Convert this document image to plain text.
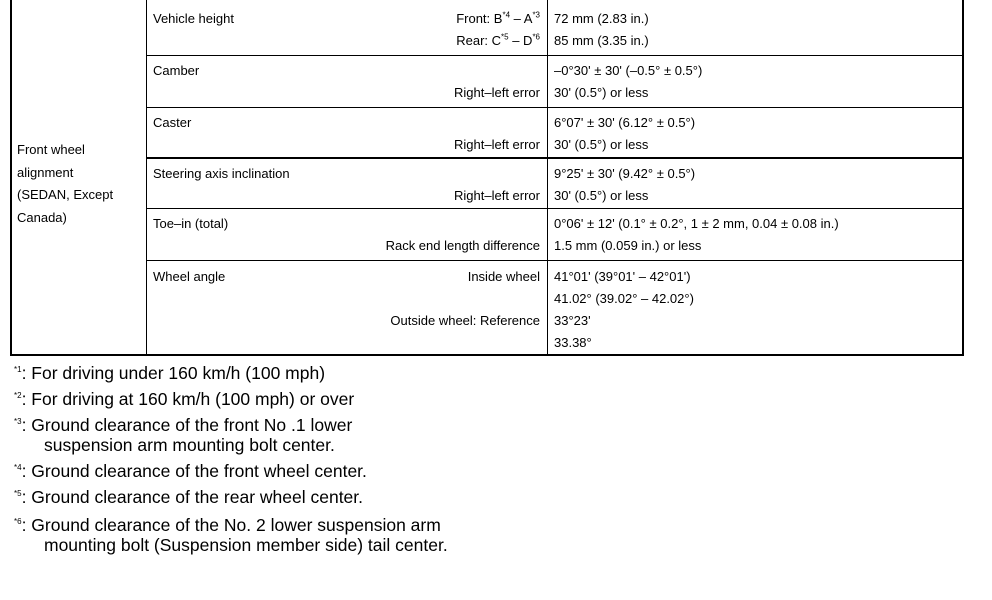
Front wheel
alignment
(SEDAN, Except
Canada)
Vehicle height	Front: $B^{*4} - A^{*3}$
Rear: $C^{*5} - D^{*6}$
72 mm (2.83 in.)
85 mm (3.35 in.)
Camber
Right–left error
–0°30' ± 30' (–0.5° ± 0.5°)
30' (0.5°) or less
Caster
Right–left error
6°07' ± 30' (6.12° ± 0.5°)
30' (0.5°) or less
Steering axis inclination
Right–left error
9°25' ± 30' (9.42° ± 0.5°)
30' (0.5°) or less
Toe–in (total)
Rack end length difference
0°06' ± 12' (0.1° ± 0.2°, 1 ± 2 mm, 0.04 ± 0.08 in.)
1.5 mm (0.059 in.) or less
Wheel angle	Inside wheel
Outside wheel: Reference
41°01' (39°01' – 42°01')
41.02° (39.02° – 42.02°)
33°23'
33.38°
$^{*1}$: For driving under 160 km/h (100 mph)
$^{*2}$: For driving at 160 km/h (100 mph) or over
$^{*3}$: Ground clearance of the front No .1 lower
suspension arm mounting bolt center.
$^{*4}$: Ground clearance of the front wheel center.
$^{*5}$: Ground clearance of the rear wheel center.
$^{*6}$: Ground clearance of the No. 2 lower suspension arm
mounting bolt (Suspension member side) tail center.
